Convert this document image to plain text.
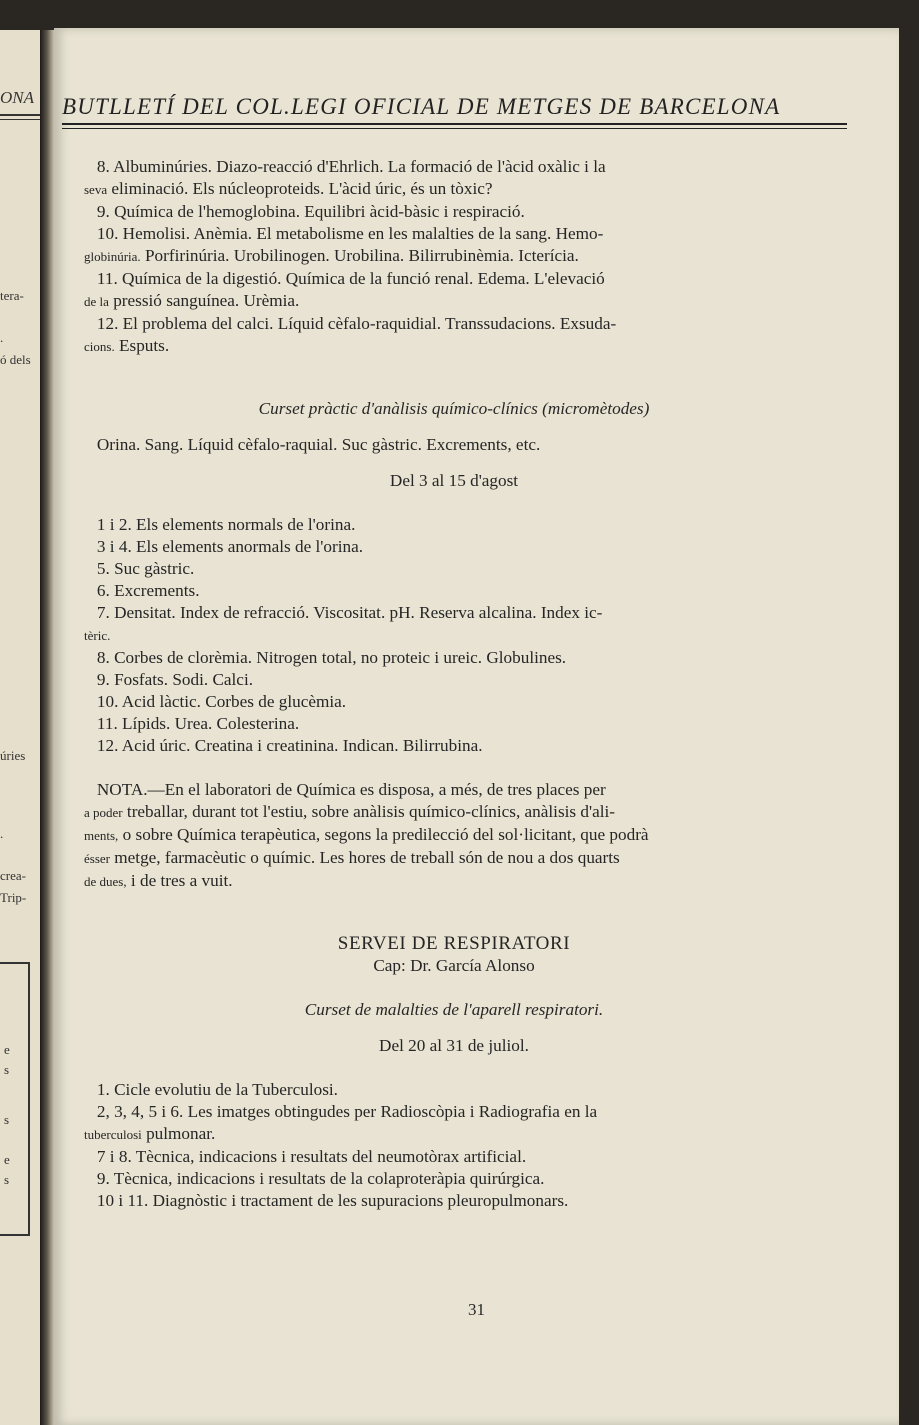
ONA
tera-
.
ó dels
úries
.
crea-
Trip-
e
s
s
e
s
BUTLLETÍ DEL COL.LEGI OFICIAL DE METGES DE BARCELONA

8. Albuminúries. Diazo-reacció d'Ehrlich. La formació de l'àcid oxàlic i la

seva eliminació. Els núcleoproteids. L'àcid úric, és un tòxic?

9. Química de l'hemoglobina. Equilibri àcid-bàsic i respiració.

10. Hemolisi. Anèmia. El metabolisme en les malalties de la sang. Hemo-

globinúria. Porfirinúria. Urobilinogen. Urobilina. Bilirrubinèmia. Icterícia.

11. Química de la digestió. Química de la funció renal. Edema. L'elevació

de la pressió sanguínea. Urèmia.

12. El problema del calci. Líquid cèfalo-raquidial. Transsudacions. Exsuda-

cions. Esputs.

Curset pràctic d'anàlisis químico-clínics (micromètodes)

Orina. Sang. Líquid cèfalo-raquial. Suc gàstric. Excrements, etc.

Del 3 al 15 d'agost

1 i 2. Els elements normals de l'orina.

3 i 4. Els elements anormals de l'orina.

5. Suc gàstric.

6. Excrements.

7. Densitat. Index de refracció. Viscositat. pH. Reserva alcalina. Index ic-

tèric.

8. Corbes de clorèmia. Nitrogen total, no proteic i ureic. Globulines.

9. Fosfats. Sodi. Calci.

10. Acid làctic. Corbes de glucèmia.

11. Lípids. Urea. Colesterina.

12. Acid úric. Creatina i creatinina. Indican. Bilirrubina.

NOTA.—En el laboratori de Química es disposa, a més, de tres places per

a poder treballar, durant tot l'estiu, sobre anàlisis químico-clínics, anàlisis d'ali-

ments, o sobre Química terapèutica, segons la predilecció del sol·licitant, que podrà

ésser metge, farmacèutic o químic. Les hores de treball són de nou a dos quarts

de dues, i de tres a vuit.

SERVEI DE RESPIRATORI

Cap: Dr. García Alonso

Curset de malalties de l'aparell respiratori.

Del 20 al 31 de juliol.

1. Cicle evolutiu de la Tuberculosi.

2, 3, 4, 5 i 6. Les imatges obtingudes per Radioscòpia i Radiografia en la

tuberculosi pulmonar.

7 i 8. Tècnica, indicacions i resultats del neumotòrax artificial.

9. Tècnica, indicacions i resultats de la colaproteràpia quirúrgica.

10 i 11. Diagnòstic i tractament de les supuracions pleuropulmonars.

31
